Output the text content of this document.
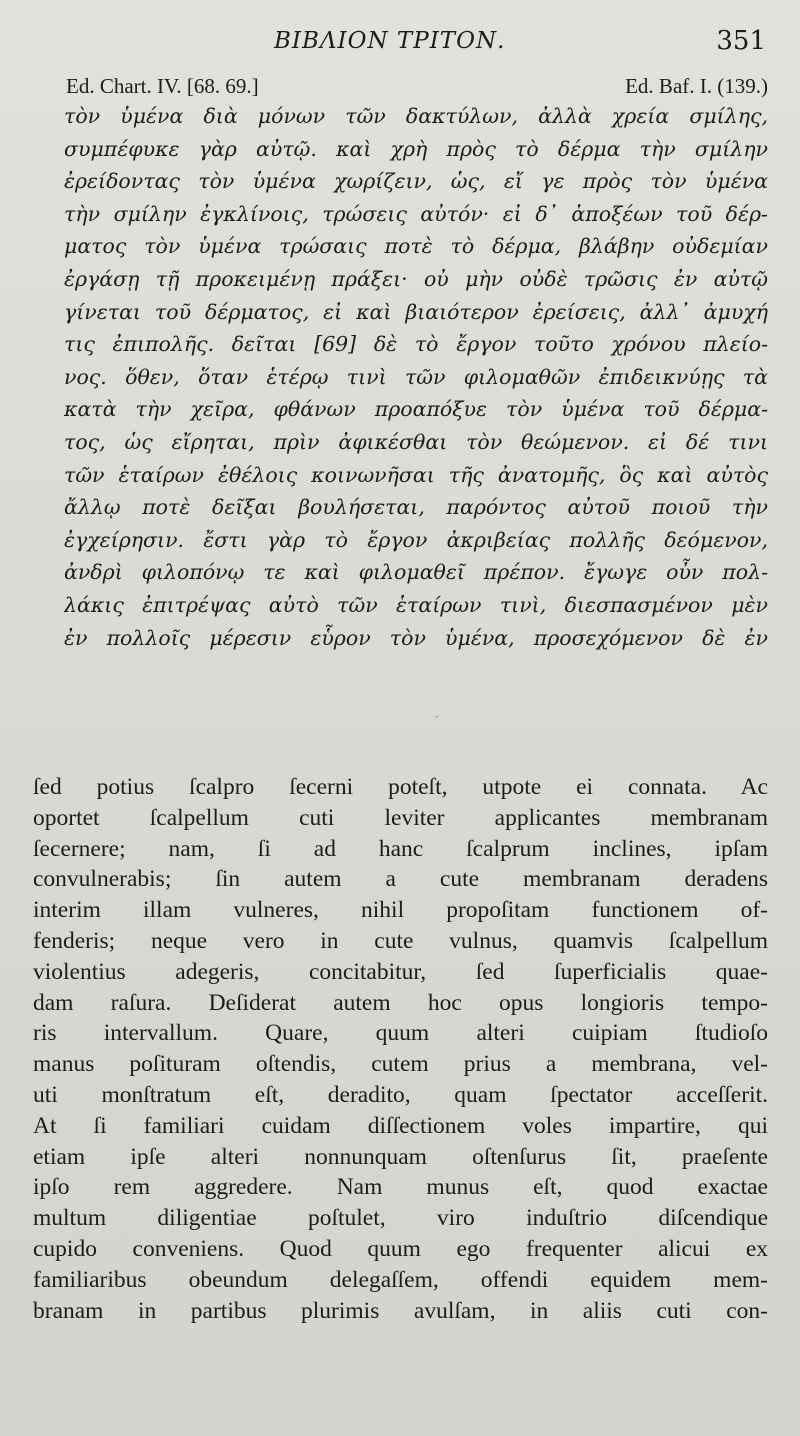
BIBΛΙΟΝ ΤΡΙΤΟΝ.	351
Ed. Chart. IV. [68. 69.]	Ed. Baf. I. (139.)
τὸν ὑμένα διὰ μόνων τῶν δακτύλων, ἀλλὰ χρεία σμίλης,
συμπέφυκε γὰρ αὐτῷ. καὶ χρὴ πρὸς τὸ δέρμα τὴν σμίλην
ἐρείδοντας τὸν ὑμένα χωρίζειν, ὡς, εἴ γε πρὸς τὸν ὑμένα
τὴν σμίλην ἐγκλίνοις, τρώσεις αὐτόν· εἰ δ᾽ ἀποξέων τοῦ δέρ-
ματος τὸν ὑμένα τρώσαις ποτὲ τὸ δέρμα, βλάβην οὐδεμίαν
ἐργάσῃ τῇ προκειμένῃ πράξει· οὐ μὴν οὐδὲ τρῶσις ἐν αὐτῷ
γίνεται τοῦ δέρματος, εἰ καὶ βιαιότερον ἐρείσεις, ἀλλ᾽ ἀμυχή
τις ἐπιπολῆς. δεῖται [69] δὲ τὸ ἔργον τοῦτο χρόνου πλείο-
νος. ὅθεν, ὅταν ἑτέρῳ τινὶ τῶν φιλομαθῶν ἐπιδεικνύῃς τὰ
κατὰ τὴν χεῖρα, φθάνων προαπόξυε τὸν ὑμένα τοῦ δέρμα-
τος, ὡς εἴρηται, πρὶν ἀφικέσθαι τὸν θεώμενον. εἰ δέ τινι
τῶν ἑταίρων ἐθέλοις κοινωνῆσαι τῆς ἀνατομῆς, ὃς καὶ αὐτὸς
ἄλλῳ ποτὲ δεῖξαι βουλήσεται, παρόντος αὐτοῦ ποιοῦ τὴν
ἐγχείρησιν. ἔστι γὰρ τὸ ἔργον ἀκριβείας πολλῆς δεόμενον,
ἀνδρὶ φιλοπόνῳ τε καὶ φιλομαθεῖ πρέπον. ἔγωγε οὖν πολ-
λάκις ἐπιτρέψας αὐτὸ τῶν ἑταίρων τινὶ, διεσπασμένον μὲν
ἐν πολλοῖς μέρεσιν εὗρον τὸν ὑμένα, προσεχόμενον δὲ ἐν
·
ſed potius ſcalpro ſecerni poteſt, utpote ei connata. Ac
oportet ſcalpellum cuti leviter applicantes membranam
ſecernere; nam, ſi ad hanc ſcalprum inclines, ipſam
convulnerabis; ſin autem a cute membranam deradens
interim illam vulneres, nihil propoſitam functionem of-
fenderis; neque vero in cute vulnus, quamvis ſcalpellum
violentius adegeris, concitabitur, ſed ſuperficialis quae-
dam raſura. Deſiderat autem hoc opus longioris tempo-
ris intervallum. Quare, quum alteri cuipiam ſtudioſo
manus poſituram oſtendis, cutem prius a membrana, vel-
uti monſtratum eſt, deradito, quam ſpectator acceſſerit.
At ſi familiari cuidam diſſectionem voles impartire, qui
etiam ipſe alteri nonnunquam oſtenſurus ſit, praeſente
ipſo rem aggredere. Nam munus eſt, quod exactae
multum diligentiae poſtulet, viro induſtrio diſcendique
cupido conveniens. Quod quum ego frequenter alicui ex
familiaribus obeundum delegaſſem, offendi equidem mem-
branam in partibus plurimis avulſam, in aliis cuti con-
